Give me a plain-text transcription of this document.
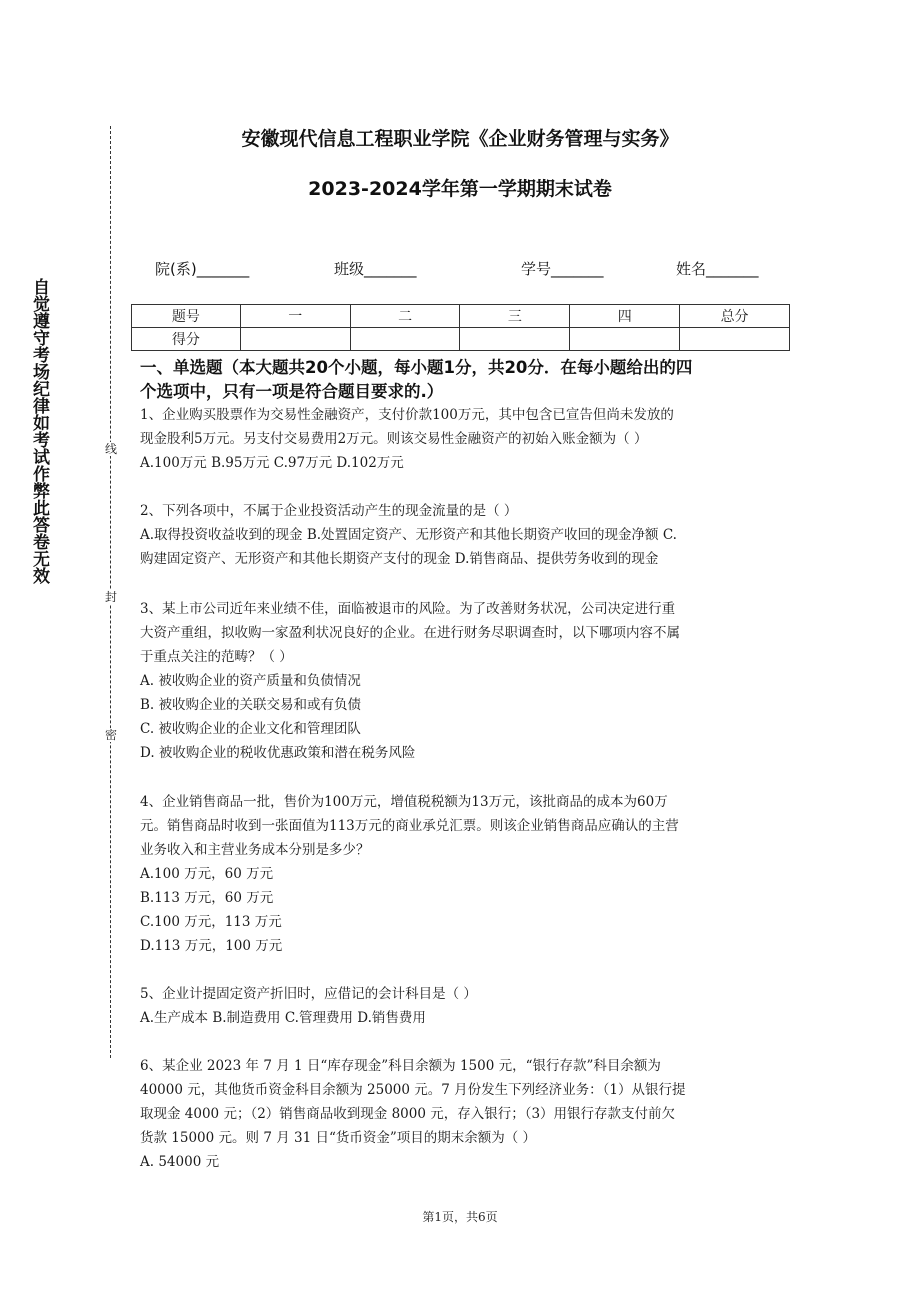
自觉遵守考场纪律如考试作弊此答卷无效	线
封
密
安徽现代信息工程职业学院《企业财务管理与实务》
2023-2024学年第一学期期末试卷
院(系)_______	班级_______	学号_______	姓名_______
题号	一	二	三	四	总分
得分					
一、单选题（本大题共20个小题，每小题1分，共20分．在每小题给出的四
个选项中，只有一项是符合题目要求的.）
1、企业购买股票作为交易性金融资产，支付价款100万元，其中包含已宣告但尚未发放的
现金股利5万元。另支付交易费用2万元。则该交易性金融资产的初始入账金额为（ ）
A.100万元 B.95万元 C.97万元 D.102万元
2、下列各项中，不属于企业投资活动产生的现金流量的是（ ）
A.取得投资收益收到的现金 B.处置固定资产、无形资产和其他长期资产收回的现金净额 C.
购建固定资产、无形资产和其他长期资产支付的现金 D.销售商品、提供劳务收到的现金
3、某上市公司近年来业绩不佳，面临被退市的风险。为了改善财务状况，公司决定进行重
大资产重组，拟收购一家盈利状况良好的企业。在进行财务尽职调查时，以下哪项内容不属
于重点关注的范畴？（ ）
A. 被收购企业的资产质量和负债情况
B. 被收购企业的关联交易和或有负债
C. 被收购企业的企业文化和管理团队
D. 被收购企业的税收优惠政策和潜在税务风险
4、企业销售商品一批，售价为100万元，增值税税额为13万元，该批商品的成本为60万
元。销售商品时收到一张面值为113万元的商业承兑汇票。则该企业销售商品应确认的主营
业务收入和主营业务成本分别是多少？
A.100 万元，60 万元
B.113 万元，60 万元
C.100 万元，113 万元
D.113 万元，100 万元
5、企业计提固定资产折旧时，应借记的会计科目是（ ）
A.生产成本 B.制造费用 C.管理费用 D.销售费用
6、某企业 2023 年 7 月 1 日“库存现金”科目余额为 1500 元，“银行存款”科目余额为
40000 元，其他货币资金科目余额为 25000 元。7 月份发生下列经济业务：（1）从银行提
取现金 4000 元；（2）销售商品收到现金 8000 元，存入银行；（3）用银行存款支付前欠
货款 15000 元。则 7 月 31 日“货币资金”项目的期末余额为（ ）
A. 54000 元
第1页，共6页
